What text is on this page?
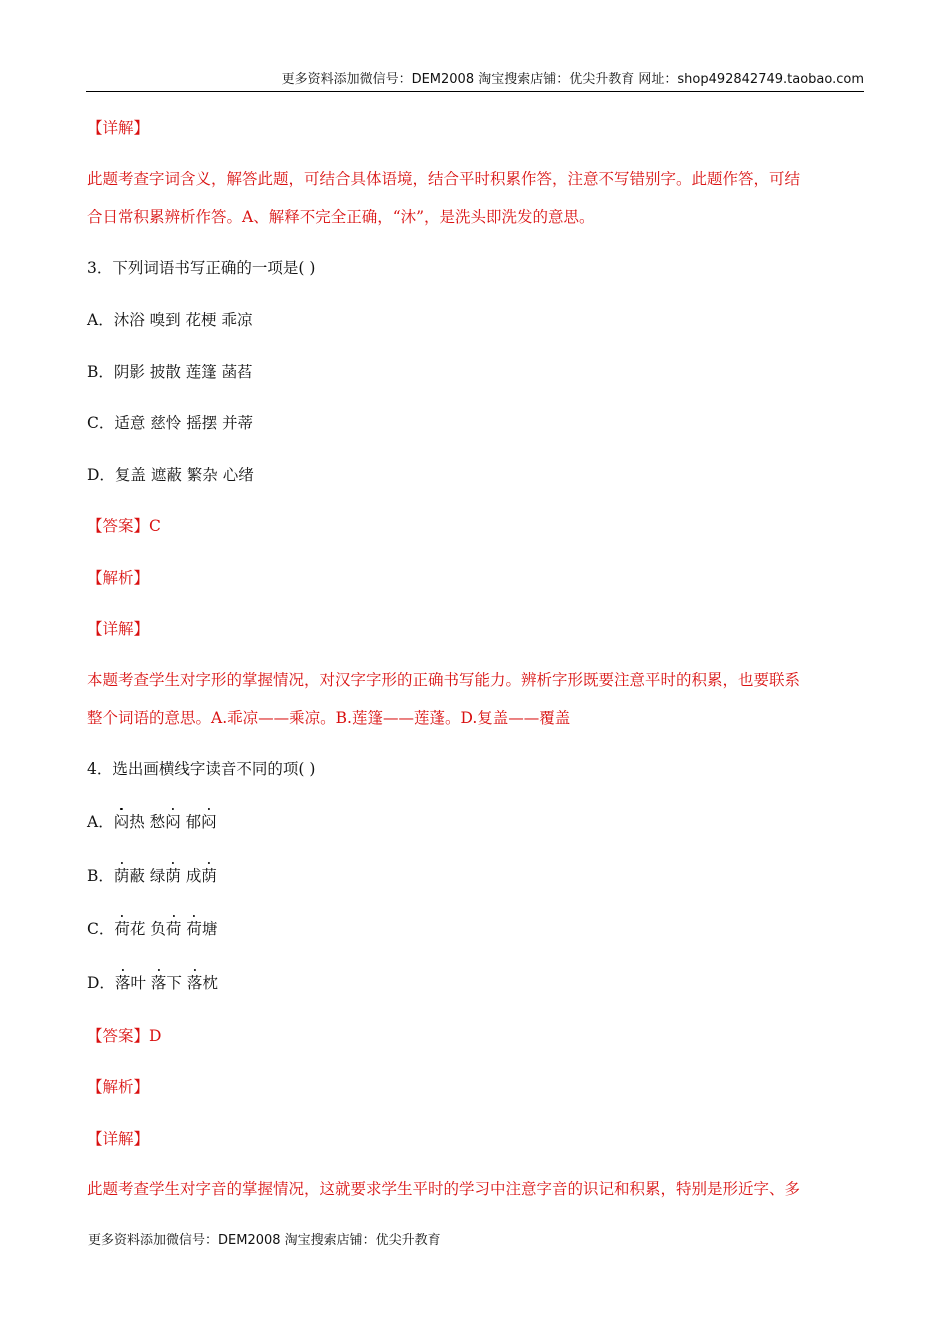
更多资料添加微信号：DEM2008 淘宝搜索店铺：优尖升教育 网址：shop492842749.taobao.com
【详解】
此题考查字词含义，解答此题，可结合具体语境，结合平时积累作答，注意不写错别字。此题作答，可结
合日常积累辨析作答。A、解释不完全正确，“沐”，是洗头即洗发的意思。
3．下列词语书写正确的一项是( )
A．沐浴 嗅到 花梗 乖凉
B．阴影 披散 莲篷 菡萏
C．适意 慈怜 摇摆 并蒂
D．复盖 遮蔽 繁杂 心绪
【答案】C
【解析】
【详解】
本题考查学生对字形的掌握情况，对汉字字形的正确书写能力。辨析字形既要注意平时的积累，也要联系
整个词语的意思。A.乖凉——乘凉。B.莲篷——莲蓬。D.复盖——覆盖
4．选出画横线字读音不同的项( )
A．闷热 愁闷 郁闷
B．荫蔽 绿荫 成荫
C．荷花 负荷 荷塘
D．落叶 落下 落枕
【答案】D
【解析】
【详解】
此题考查学生对字音的掌握情况，这就要求学生平时的学习中注意字音的识记和积累，特别是形近字、多
更多资料添加微信号：DEM2008 淘宝搜索店铺：优尖升教育
